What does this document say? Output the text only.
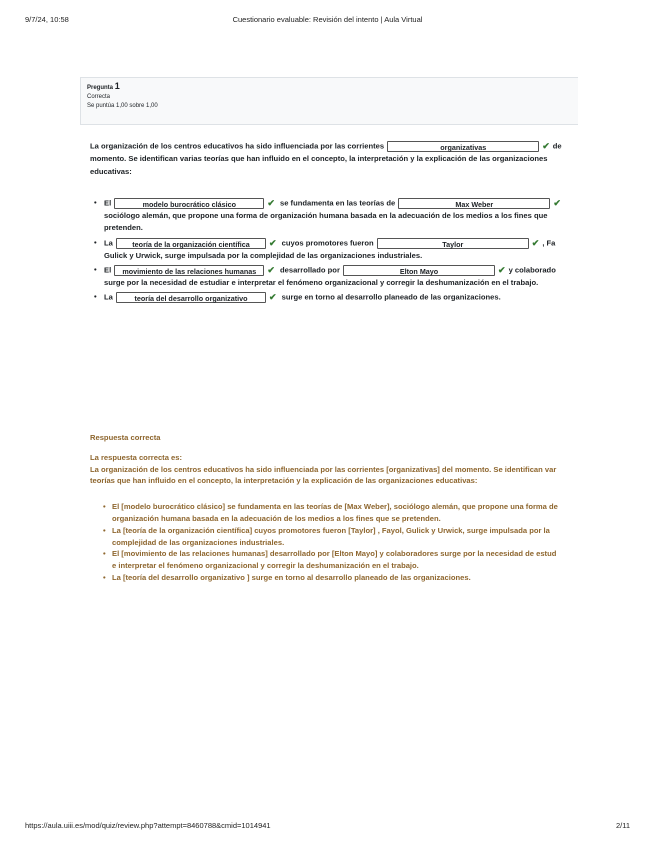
9/7/24, 10:58	Cuestionario evaluable: Revisión del intento | Aula Virtual
Pregunta 1
Correcta
Se puntúa 1,00 sobre 1,00
La organización de los centros educativos ha sido influenciada por las corrientes	organizativas	✔ de
momento. Se identifican varias teorías que han influido en el concepto, la interpretación y la explicación de las organizaciones
educativas:
• El	modelo burocrático clásico	✔ se fundamenta en las teorías de	Max Weber	✔
sociólogo alemán, que propone una forma de organización humana basada en la adecuación de los medios a los fines que
pretenden.
• La	teoría de la organización científica ✔ cuyos promotores fueron	Taylor	✔ , Fa
Gulick y Urwick, surge impulsada por la complejidad de las organizaciones industriales.
• El movimiento de las relaciones humanas ✔ desarrollado por	Elton Mayo	✔ y colaborado
surge por la necesidad de estudiar e interpretar el fenómeno organizacional y corregir la deshumanización en el trabajo.
• La	teoría del desarrollo organizativo ✔ surge en torno al desarrollo planeado de las organizaciones.
Respuesta correcta
La respuesta correcta es:
La organización de los centros educativos ha sido influenciada por las corrientes [organizativas] del momento. Se identifican var
teorías que han influido en el concepto, la interpretación y la explicación de las organizaciones educativas:
• El [modelo burocrático clásico] se fundamenta en las teorías de [Max Weber], sociólogo alemán, que propone una forma de
organización humana basada en la adecuación de los medios a los fines que se pretenden.
• La [teoría de la organización científica] cuyos promotores fueron [Taylor] , Fayol, Gulick y Urwick, surge impulsada por la
complejidad de las organizaciones industriales.
• El [movimiento de las relaciones humanas] desarrollado por [Elton Mayo] y colaboradores surge por la necesidad de estud
e interpretar el fenómeno organizacional y corregir la deshumanización en el trabajo.
• La [teoría del desarrollo organizativo ] surge en torno al desarrollo planeado de las organizaciones.
https://aula.uiii.es/mod/quiz/review.php?attempt=8460788&cmid=1014941	2/11
